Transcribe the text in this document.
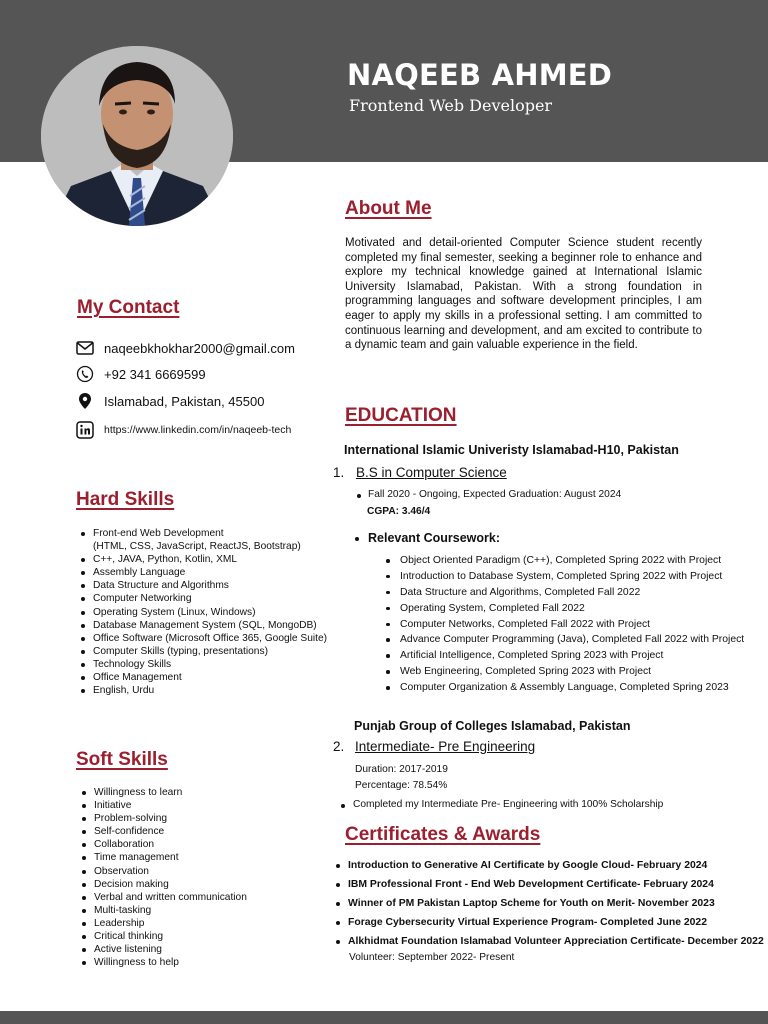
NAQEEB AHMED
Frontend Web Developer
About Me
Motivated and detail-oriented Computer Science student recently completed my final semester, seeking a beginner role to enhance and explore my technical knowledge gained at International Islamic University Islamabad, Pakistan. With a strong foundation in programming languages and software development principles, I am eager to apply my skills in a professional setting. I am committed to continuous learning and development, and am excited to contribute to a dynamic team and gain valuable experience in the field.
My Contact
naqeebkhokhar2000@gmail.com
+92 341 6669599
Islamabad, Pakistan, 45500
https://www.linkedin.com/in/naqeeb-tech
Hard Skills
Front-end Web Development
(HTML, CSS, JavaScript, ReactJS, Bootstrap)
C++, JAVA, Python, Kotlin, XML
Assembly Language
Data Structure and Algorithms
Computer Networking
Operating System (Linux, Windows)
Database Management System (SQL, MongoDB)
Office Software (Microsoft Office 365, Google Suite)
Computer Skills (typing, presentations)
Technology Skills
Office Management
English, Urdu
Soft Skills
Willingness to learn
Initiative
Problem-solving
Self-confidence
Collaboration
Time management
Observation
Decision making
Verbal and written communication
Multi-tasking
Leadership
Critical thinking
Active listening
Willingness to help
EDUCATION
International Islamic Univeristy Islamabad-H10, Pakistan
1. B.S in Computer Science
Fall 2020 - Ongoing, Expected Graduation: August 2024
CGPA: 3.46/4
Relevant Coursework:
Object Oriented Paradigm (C++), Completed Spring 2022 with Project
Introduction to Database System, Completed Spring 2022 with Project
Data Structure and Algorithms, Completed Fall 2022
Operating System, Completed Fall 2022
Computer Networks, Completed Fall 2022 with Project
Advance Computer Programming (Java), Completed Fall 2022 with Project
Artificial Intelligence, Completed Spring 2023 with Project
Web Engineering, Completed Spring 2023 with Project
Computer Organization & Assembly Language, Completed Spring 2023
Punjab Group of Colleges Islamabad, Pakistan
2. Intermediate- Pre Engineering
Duration: 2017-2019
Percentage: 78.54%
Completed my Intermediate Pre- Engineering with 100% Scholarship
Certificates & Awards
Introduction to Generative AI Certificate by Google Cloud- February 2024
IBM Professional Front - End Web Development Certificate- February 2024
Winner of PM Pakistan Laptop Scheme for Youth on Merit- November 2023
Forage Cybersecurity Virtual Experience Program- Completed June 2022
Alkhidmat Foundation Islamabad Volunteer Appreciation Certificate- December 2022
Volunteer: September 2022- Present
